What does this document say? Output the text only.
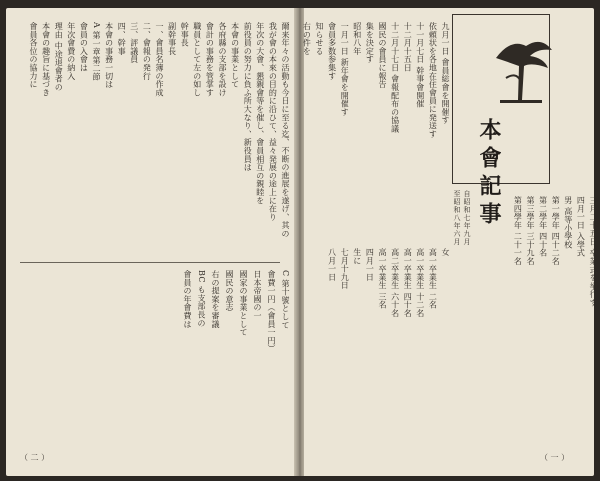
爾来年々の活動も今日に至る迄、不断の進展を遂げ、其の
我が會の本來の目的に沿ひて、益々発展の途上に在り
年次の大會、懇親會等を催し、會員相互の親睦を
前役員の努力に負ふ所大なり、新役員は
本會の事業として
各府縣の支部を設け
會計の事務を管掌す
職員として左の如し
幹事長
副幹事長
一、會員名簿の作成
二、會報の発行
三、評議員
四、幹事
本會の事務一切は
A 第一章第二節
會員の入會は
年次會費の納入
理由 中途退會者の
本會の趣旨に基づき
會員各位の協力に
C 第十號として
會費一円（會員一円）
日本帝國の一
國家の事業として
國民の意志
右の提案を審議
BC も支部長の
會員の年會費は
（ 二 ）
本會記事
自昭和七年九月
至昭和八年六月
九月一日 會員総會を開催す
依頼状を各地在住會員に発送す
十一月七日 幹事會開催
十二月十五日
十二月十七日 會報配布の協議
國民の會員に報告
集を決定す
昭和八年
一月一日 新年會を開催す
會員多数参集す
知らせる
右の件を
女
高一卒業生 二名
高一卒業生 十二名
高一卒業生 四十名
高二卒業生 六十名
高一卒業生 三名
四月一日
生に
七月十九日
八月一日	三月二十五日 卒業式を挙行す
四月一日 入學式
男 高等小學校
第一學年 四十二名
第二學年 四十名
第三學年 三十九名
第四學年 二十一名
（ 一 ）
